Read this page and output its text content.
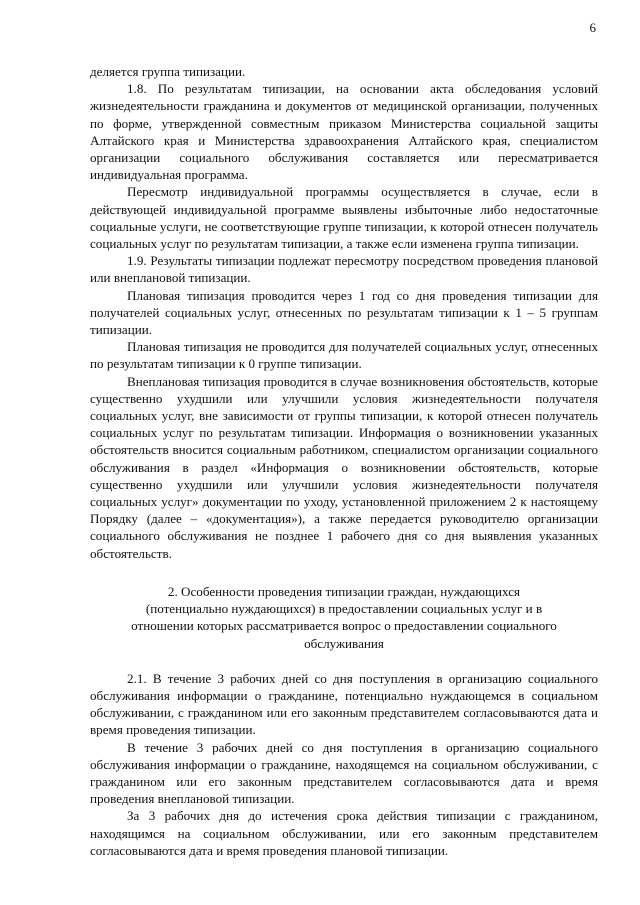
6

деляется группа типизации.

1.8. По результатам типизации, на основании акта обследования условий жизнедеятельности гражданина и документов от медицинской организации, полученных по форме, утвержденной совместным приказом Министерства социальной защиты Алтайского края и Министерства здравоохранения Алтайского края, специалистом организации социального обслуживания составляется или пересматривается индивидуальная программа.

Пересмотр индивидуальной программы осуществляется в случае, если в действующей индивидуальной программе выявлены избыточные либо недостаточные социальные услуги, не соответствующие группе типизации, к которой отнесен получатель социальных услуг по результатам типизации, а также если изменена группа типизации.

1.9. Результаты типизации подлежат пересмотру посредством проведения плановой или внеплановой типизации.

Плановая типизация проводится через 1 год со дня проведения типизации для получателей социальных услуг, отнесенных по результатам типизации к 1 – 5 группам типизации.

Плановая типизация не проводится для получателей социальных услуг, отнесенных по результатам типизации к 0 группе типизации.

Внеплановая типизация проводится в случае возникновения обстоятельств, которые существенно ухудшили или улучшили условия жизнедеятельности получателя социальных услуг, вне зависимости от группы типизации, к которой отнесен получатель социальных услуг по результатам типизации. Информация о возникновении указанных обстоятельств вносится социальным работником, специалистом организации социального обслуживания в раздел «Информация о возникновении обстоятельств, которые существенно ухудшили или улучшили условия жизнедеятельности получателя социальных услуг» документации по уходу, установленной приложением 2 к настоящему Порядку (далее – «документация»), а также передается руководителю организации социального обслуживания не позднее 1 рабочего дня со дня выявления указанных обстоятельств.

2. Особенности проведения типизации граждан, нуждающихся (потенциально нуждающихся) в предоставлении социальных услуг и в отношении которых рассматривается вопрос о предоставлении социального обслуживания

2.1. В течение 3 рабочих дней со дня поступления в организацию социального обслуживания информации о гражданине, потенциально нуждающемся в социальном обслуживании, с гражданином или его законным представителем согласовываются дата и время проведения типизации.

В течение 3 рабочих дней со дня поступления в организацию социального обслуживания информации о гражданине, находящемся на социальном обслуживании, с гражданином или его законным представителем согласовываются дата и время проведения внеплановой типизации.

За 3 рабочих дня до истечения срока действия типизации с гражданином, находящимся на социальном обслуживании, или его законным представителем согласовываются дата и время проведения плановой типизации.
